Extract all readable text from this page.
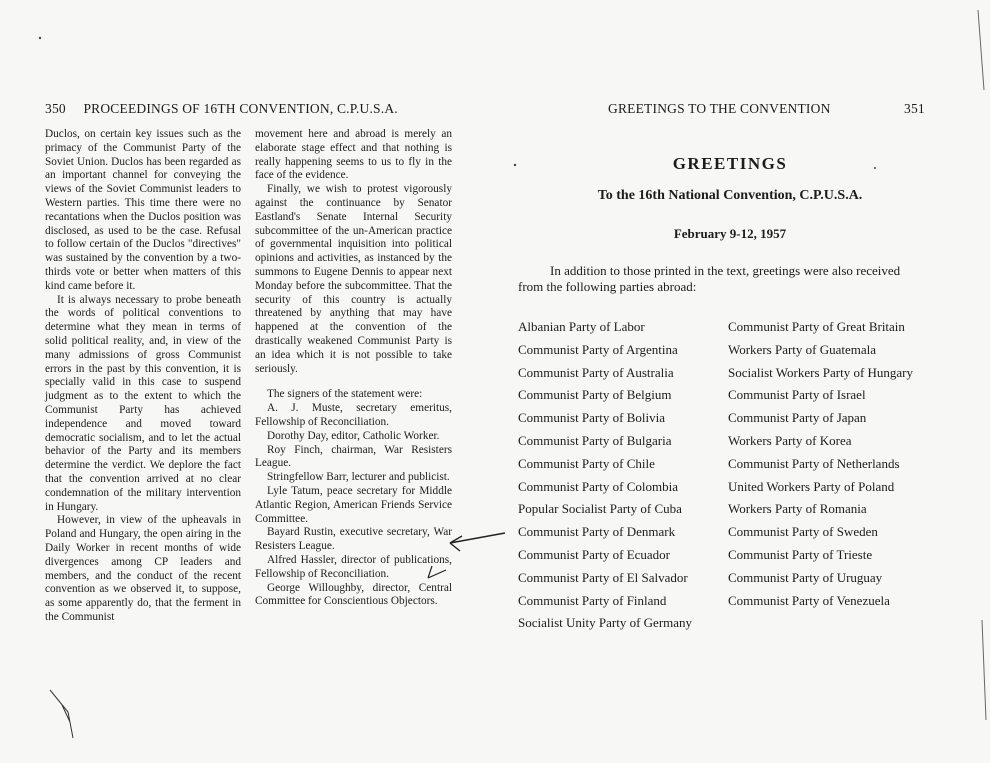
350 PROCEEDINGS OF 16TH CONVENTION, C.P.U.S.A.

Duclos, on certain key issues such as the primacy of the Communist Party of the Soviet Union. Duclos has been regarded as an important channel for conveying the views of the Soviet Communist leaders to Western parties. This time there were no recantations when the Duclos position was disclosed, as used to be the case. Refusal to follow certain of the Duclos "directives" was sustained by the convention by a two-thirds vote or better when matters of this kind came before it.

It is always necessary to probe beneath the words of political conventions to determine what they mean in terms of solid political reality, and, in view of the many admissions of gross Communist errors in the past by this convention, it is specially valid in this case to suspend judgment as to the extent to which the Communist Party has achieved independence and moved toward democratic socialism, and to let the actual behavior of the Party and its members determine the verdict. We deplore the fact that the convention arrived at no clear condemnation of the military intervention in Hungary.

However, in view of the upheavals in Poland and Hungary, the open airing in the Daily Worker in recent months of wide divergences among CP leaders and members, and the conduct of the recent convention as we observed it, to suppose, as some apparently do, that the ferment in the Communist

movement here and abroad is merely an elaborate stage effect and that nothing is really happening seems to us to fly in the face of the evidence.

Finally, we wish to protest vigorously against the continuance by Senator Eastland's Senate Internal Security subcommittee of the un-American practice of governmental inquisition into political opinions and activities, as instanced by the summons to Eugene Dennis to appear next Monday before the subcommittee. That the security of this country is actually threatened by anything that may have happened at the convention of the drastically weakened Communist Party is an idea which it is not possible to take seriously.

The signers of the statement were:

A. J. Muste, secretary emeritus, Fellowship of Reconciliation.

Dorothy Day, editor, Catholic Worker.

Roy Finch, chairman, War Resisters League.

Stringfellow Barr, lecturer and publicist.

Lyle Tatum, peace secretary for Middle Atlantic Region, American Friends Service Committee.

Bayard Rustin, executive secretary, War Resisters League.

Alfred Hassler, director of publications, Fellowship of Reconciliation.

George Willoughby, director, Central Committee for Conscientious Objectors.

GREETINGS TO THE CONVENTION	351
GREETINGS
To the 16th National Convention, C.P.U.S.A.
February 9-12, 1957
In addition to those printed in the text, greetings were also received from the following parties abroad:
Albanian Party of Labor
Communist Party of Argentina
Communist Party of Australia
Communist Party of Belgium
Communist Party of Bolivia
Communist Party of Bulgaria
Communist Party of Chile
Communist Party of Colombia
Popular Socialist Party of Cuba
Communist Party of Denmark
Communist Party of Ecuador
Communist Party of El Salvador
Communist Party of Finland
Socialist Unity Party of Germany
Communist Party of Great Britain
Workers Party of Guatemala
Socialist Workers Party of Hungary
Communist Party of Israel
Communist Party of Japan
Workers Party of Korea
Communist Party of Netherlands
United Workers Party of Poland
Workers Party of Romania
Communist Party of Sweden
Communist Party of Trieste
Communist Party of Uruguay
Communist Party of Venezuela
